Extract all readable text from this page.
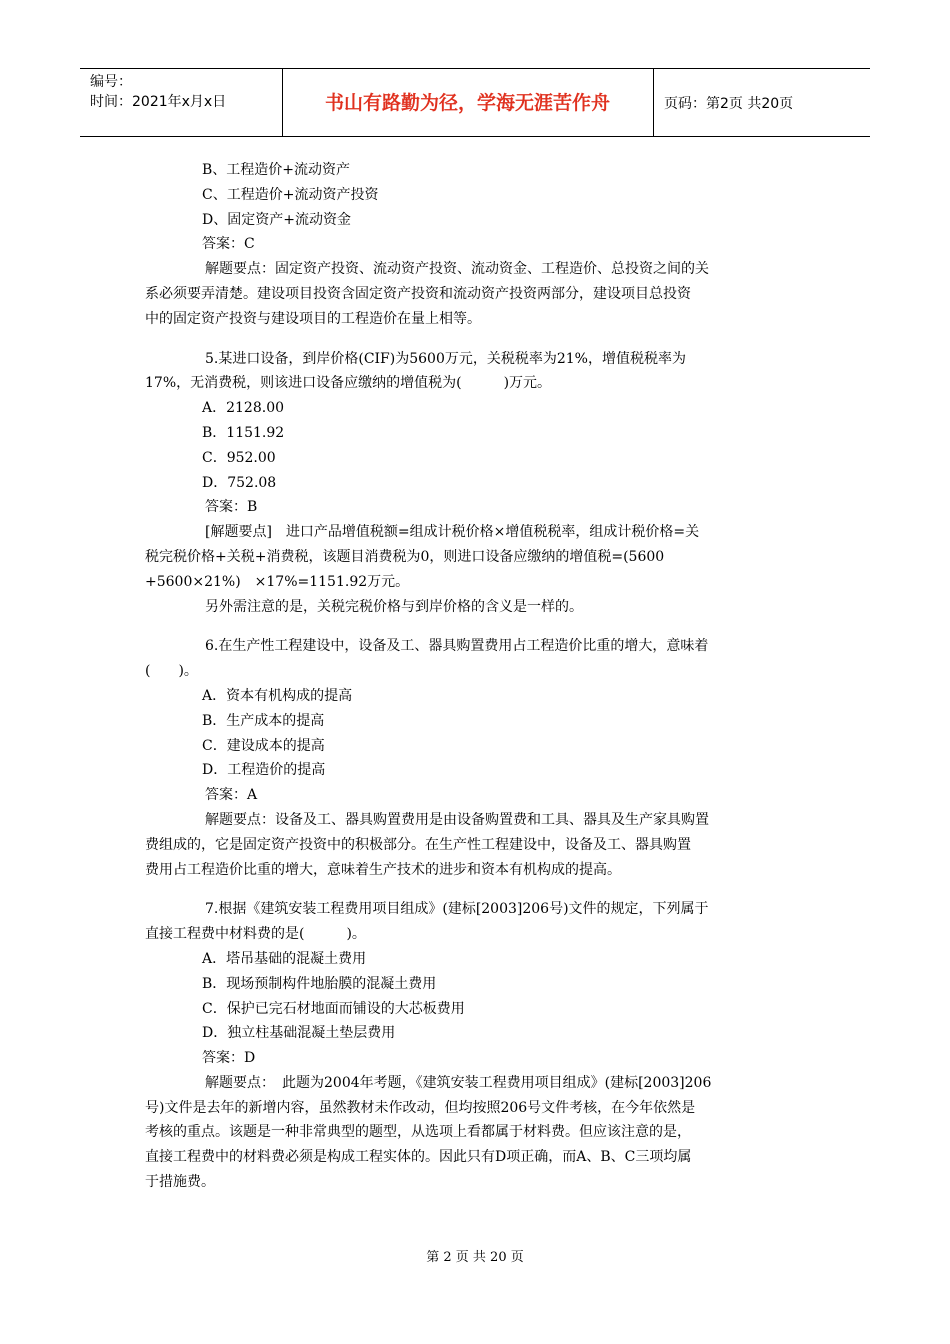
编号：
时间：2021年x月x日	书山有路勤为径，学海无涯苦作舟	页码：第2页 共20页
B、工程造价+流动资产
C、工程造价+流动资产投资
D、固定资产+流动资金
答案：C
解题要点：固定资产投资、流动资产投资、流动资金、工程造价、总投资之间的关
系必须要弄清楚。建设项目投资含固定资产投资和流动资产投资两部分，建设项目总投资
中的固定资产投资与建设项目的工程造价在量上相等。
5.某进口设备，到岸价格(CIF)为5600万元，关税税率为21%，增值税税率为
17%，无消费税，则该进口设备应缴纳的增值税为(　　　)万元。
A．2128.00
B．1151.92
C．952.00
D．752.08
答案：B
[解题要点]　进口产品增值税额=组成计税价格×增值税税率，组成计税价格=关
税完税价格+关税+消费税，该题目消费税为0，则进口设备应缴纳的增值税=(5600
+5600×21%)　×17%=1151.92万元。
另外需注意的是，关税完税价格与到岸价格的含义是一样的。
6.在生产性工程建设中，设备及工、器具购置费用占工程造价比重的增大，意味着
(　　)。
A．资本有机构成的提高
B．生产成本的提高
C．建设成本的提高
D．工程造价的提高
答案：A
解题要点：设备及工、器具购置费用是由设备购置费和工具、器具及生产家具购置
费组成的，它是固定资产投资中的积极部分。在生产性工程建设中，设备及工、器具购置
费用占工程造价比重的增大，意味着生产技术的进步和资本有机构成的提高。
7.根据《建筑安装工程费用项目组成》(建标[2003]206号)文件的规定，下列属于
直接工程费中材料费的是(　　　)。
A．塔吊基础的混凝土费用
B．现场预制构件地胎膜的混凝土费用
C．保护已完石材地面而铺设的大芯板费用
D．独立柱基础混凝土垫层费用
答案：D
解题要点：　此题为2004年考题，《建筑安装工程费用项目组成》(建标[2003]206
号)文件是去年的新增内容，虽然教材未作改动，但均按照206号文件考核，在今年依然是
考核的重点。该题是一种非常典型的题型，从选项上看都属于材料费。但应该注意的是，
直接工程费中的材料费必须是构成工程实体的。因此只有D项正确，而A、B、C三项均属
于措施费。
第 2 页 共 20 页
